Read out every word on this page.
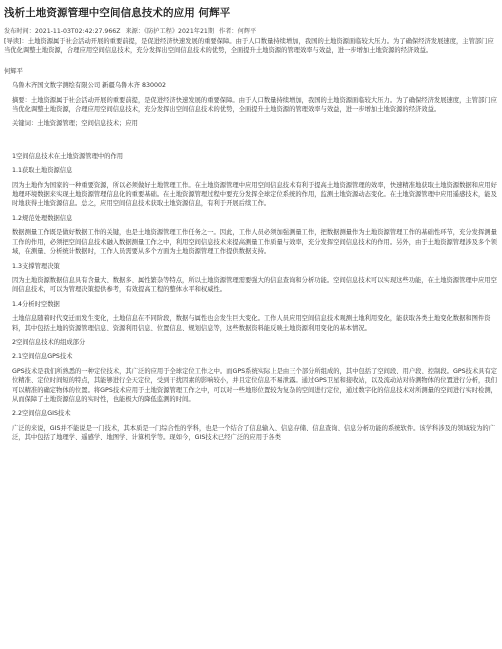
浅析土地资源管理中空间信息技术的应用 何辉平
发布时间：2021-11-03T02:42:27.966Z 来源：《防护工程》2021年21期 作者：何辉平

[导读]：土地资源属于社会活动开展的重要前提，是促进经济快速发展的重要保障。由于人口数量持续增加，我国的土地资源面临较大压力。为了确保经济发展速度，主管部门应当优化调整土地资源，合理应用空间信息技术，充分发挥出空间信息技术的优势，全面提升土地资源的管理效率与效益，进一步增加土地资源的经济效益。

何辉平

乌鲁木齐国文数字测绘有限公司 新疆乌鲁木齐 830002

摘要：土地资源属于社会活动开展的重要前提，是促进经济快速发展的重要保障。由于人口数量持续增加，我国的土地资源面临较大压力。为了确保经济发展速度，主管部门应当优化调整土地资源，合理应用空间信息技术，充分发挥出空间信息技术的优势，全面提升土地资源的管理效率与效益，进一步增加土地资源的经济效益。

关键词：土地资源管理；空间信息技术；应用

1空间信息技术在土地资源管理中的作用

1.1获取土地资源信息

因为土地作为国家的一种重要资源，所以必须做好土地管理工作。在土地资源管理中应用空间信息技术有利于提高土地资源管理的效率，快速精准地获取土地资源数据和应用好地理环境数据来实现土地资源管理信息化的重要基础。在土地资源管理过程中要充分发挥全球定位系统的作用，监测土地资源动态变化。在土地资源管理中应用遥感技术，能及时地获得土地资源信息。总之，应用空间信息技术获取土地资源信息，有利于开展后续工作。

1.2规范处理数据信息

数据测量工作既是做好数据工作的关键，也是土地资源管理工作任务之一。因此，工作人员必须加强测量工作，把数据测量作为土地资源管理工作的基础性环节，充分发挥测量工作的作用，必须把空间信息技术融入数据测量工作之中，利用空间信息技术来提高测量工作质量与效率，充分发挥空间信息技术的作用。另外，由于土地资源管理涉及多个领域，在测量、分析统计数据时，工作人员需要从多个方面为土地资源管理工作提供数据支持。

1.3支撑管理决策

因为土地资源数据信息具有含量大、数据多、属性繁杂等特点，所以土地资源管理需要强大的信息查询和分析功能。空间信息技术可以实现这些功能，在土地资源管理中应用空间信息技术，可以为管理决策提供参考，有效提高工程的整体水平和权威性。

1.4分析时空数据

土地信息随着时代变迁而发生变化，土地信息在不同阶段，数据与属性也会发生巨大变化。工作人员应用空间信息技术观测土地利用变化，能获取各类土地变化数据和图件资料，其中包括土地的资源管理信息、资源利用信息、位置信息、规划信息等，这些数据资料能反映土地资源利用变化的基本情况。

2空间信息技术的组成部分

2.1空间信息GPS技术

GPS技术是我们所熟悉的一种定位技术，其广泛的应用于全球定位工作之中。而GPS系统实际上是由三个部分所组成的，其中包括了空间段、用户段、控制段。GPS技术具有定位精准、定位时间短的特点，其能够进行全天定位，受到干扰因素的影响较小，并且定位信息不易泄露。通过GPS卫星和接收站，以及流动站对待测物体的位置进行分析，我们可以精准的确定物体的位置。将GPS技术应用于土地资源管理工作之中，可以对一些地形位置较为复杂的空间进行定位，通过数字化的信息技术对所测量的空间进行实时检测，从而保障了土地资源信息的实时性，也能极大的降低监测的时间。

2.2空间信息GIS技术

广泛的来说，GIS并不能说是一门技术，其本质是一门综合性的学科，也是一个结合了信息输入、信息存储、信息查询、信息分析功能的系统软件。该学科涉及的领域较为的广泛，其中包括了地理学、遥感学、地图学、计算机学等。现如今，GIS技术已经广泛的应用于各类
